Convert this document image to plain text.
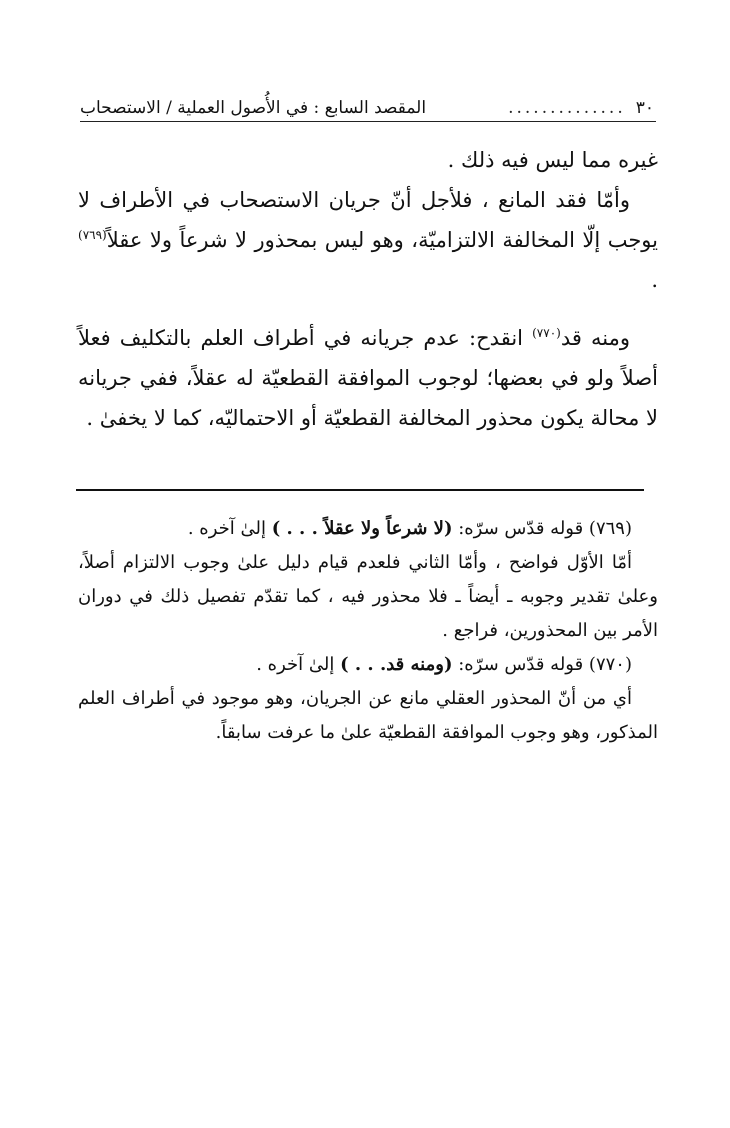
٣٠
..............
المقصد السابع : في الأُصول العملية / الاستصحاب

غيره مما ليس فيه ذلك .

وأمّا فقد المانع ، فلأجل أنّ جريان الاستصحاب في الأطراف لا يوجب إلّا المخالفة الالتزاميّة، وهو ليس بمحذور لا شرعاً ولا عقلاً$^{(٧٦٩)}$ .

ومنه قد$^{(٧٧٠)}$ انقدح: عدم جريانه في أطراف العلم بالتكليف فعلاً أصلاً ولو في بعضها؛ لوجوب الموافقة القطعيّة له عقلاً، ففي جريانه لا محالة يكون محذور المخالفة القطعيّة أو الاحتماليّه، كما لا يخفىٰ .

(٧٦٩) قوله قدّس سرّه: (لا شرعاً ولا عقلاً . . . ) إلىٰ آخره .

أمّا الأوّل فواضح ، وأمّا الثاني فلعدم قيام دليل علىٰ وجوب الالتزام أصلاً، وعلىٰ تقدير وجوبه ـ أيضاً ـ فلا محذور فيه ، كما تقدّم تفصيل ذلك في دوران الأمر بين المحذورين، فراجع .

(٧٧٠) قوله قدّس سرّه: (ومنه قد. . . ) إلىٰ آخره .

أي من أنّ المحذور العقلي مانع عن الجريان، وهو موجود في أطراف العلم المذكور، وهو وجوب الموافقة القطعيّة علىٰ ما عرفت سابقاً.
